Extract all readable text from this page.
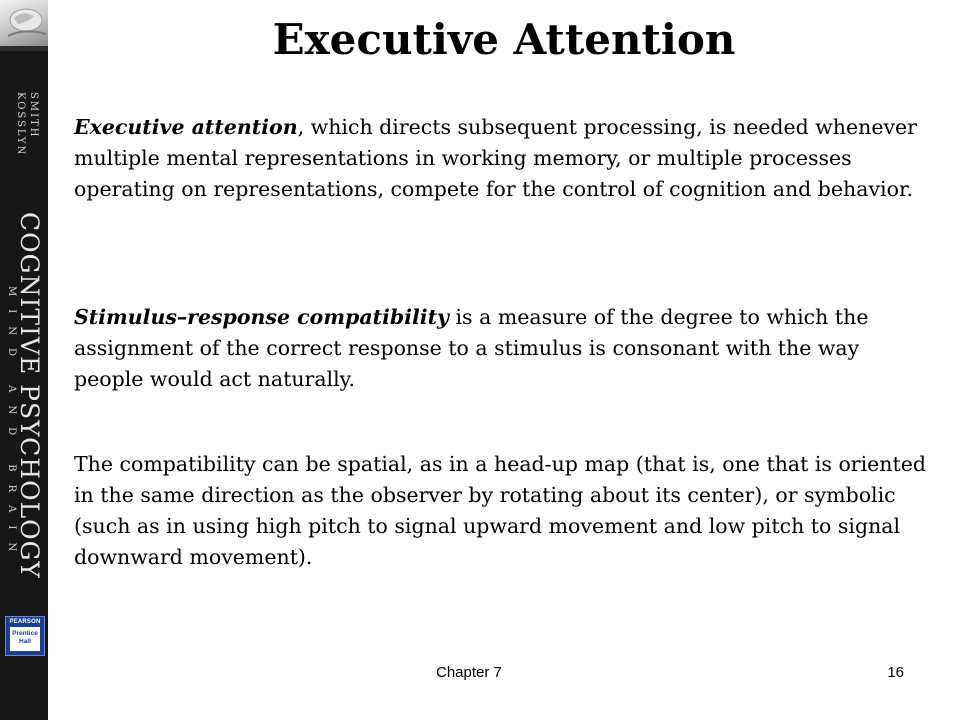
SMITH
KOSSLYN
COGNITIVE PSYCHOLOGY
MIND AND BRAIN
PEARSON
Prentice
Hall
Executive Attention

Executive attention, which directs subsequent processing, is needed whenever multiple mental representations in working memory, or multiple processes operating on representations, compete for the control of cognition and behavior.

Stimulus–response compatibility is a measure of the degree to which the assignment of the correct response to a stimulus is consonant with the way people would act naturally.

The compatibility can be spatial, as in a head-up map (that is, one that is oriented in the same direction as the observer by rotating about its center), or symbolic (such as in using high pitch to signal upward movement and low pitch to signal downward movement).

Chapter 7	16
